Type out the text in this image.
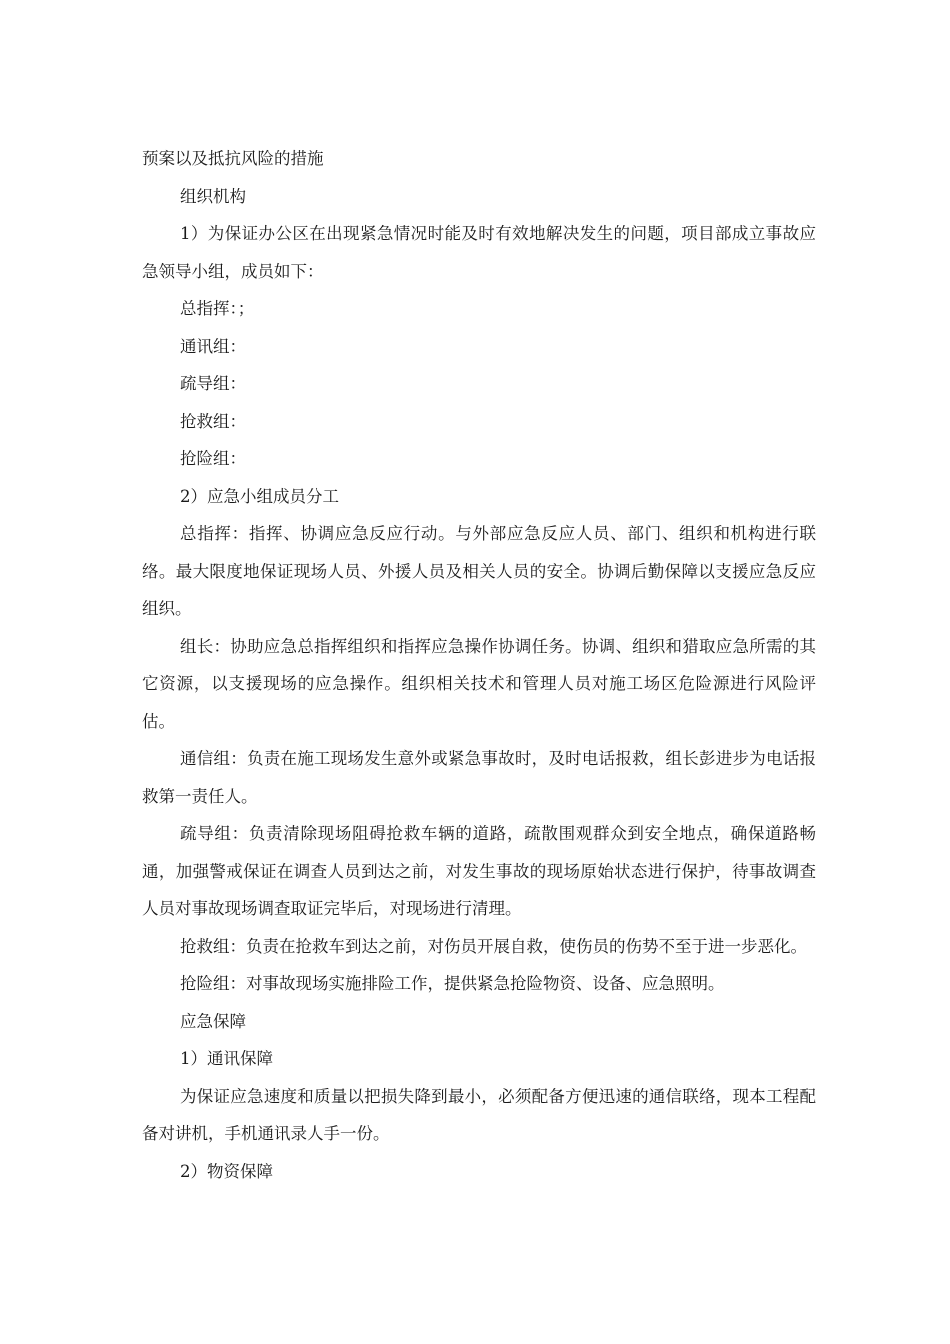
预案以及抵抗风险的措施

组织机构

1）为保证办公区在出现紧急情况时能及时有效地解决发生的问题，项目部成立事故应急领导小组，成员如下：

总指挥：；

通讯组：

疏导组：

抢救组：

抢险组：

2）应急小组成员分工

总指挥：指挥、协调应急反应行动。与外部应急反应人员、部门、组织和机构进行联络。最大限度地保证现场人员、外援人员及相关人员的安全。协调后勤保障以支援应急反应组织。

组长：协助应急总指挥组织和指挥应急操作协调任务。协调、组织和猎取应急所需的其它资源，以支援现场的应急操作。组织相关技术和管理人员对施工场区危险源进行风险评估。

通信组：负责在施工现场发生意外或紧急事故时，及时电话报救，组长彭进步为电话报救第一责任人。

疏导组：负责清除现场阻碍抢救车辆的道路，疏散围观群众到安全地点，确保道路畅通，加强警戒保证在调查人员到达之前，对发生事故的现场原始状态进行保护，待事故调查人员对事故现场调查取证完毕后，对现场进行清理。

抢救组：负责在抢救车到达之前，对伤员开展自救，使伤员的伤势不至于进一步恶化。

抢险组：对事故现场实施排险工作，提供紧急抢险物资、设备、应急照明。

应急保障

1）通讯保障

为保证应急速度和质量以把损失降到最小，必须配备方便迅速的通信联络，现本工程配备对讲机，手机通讯录人手一份。

2）物资保障
